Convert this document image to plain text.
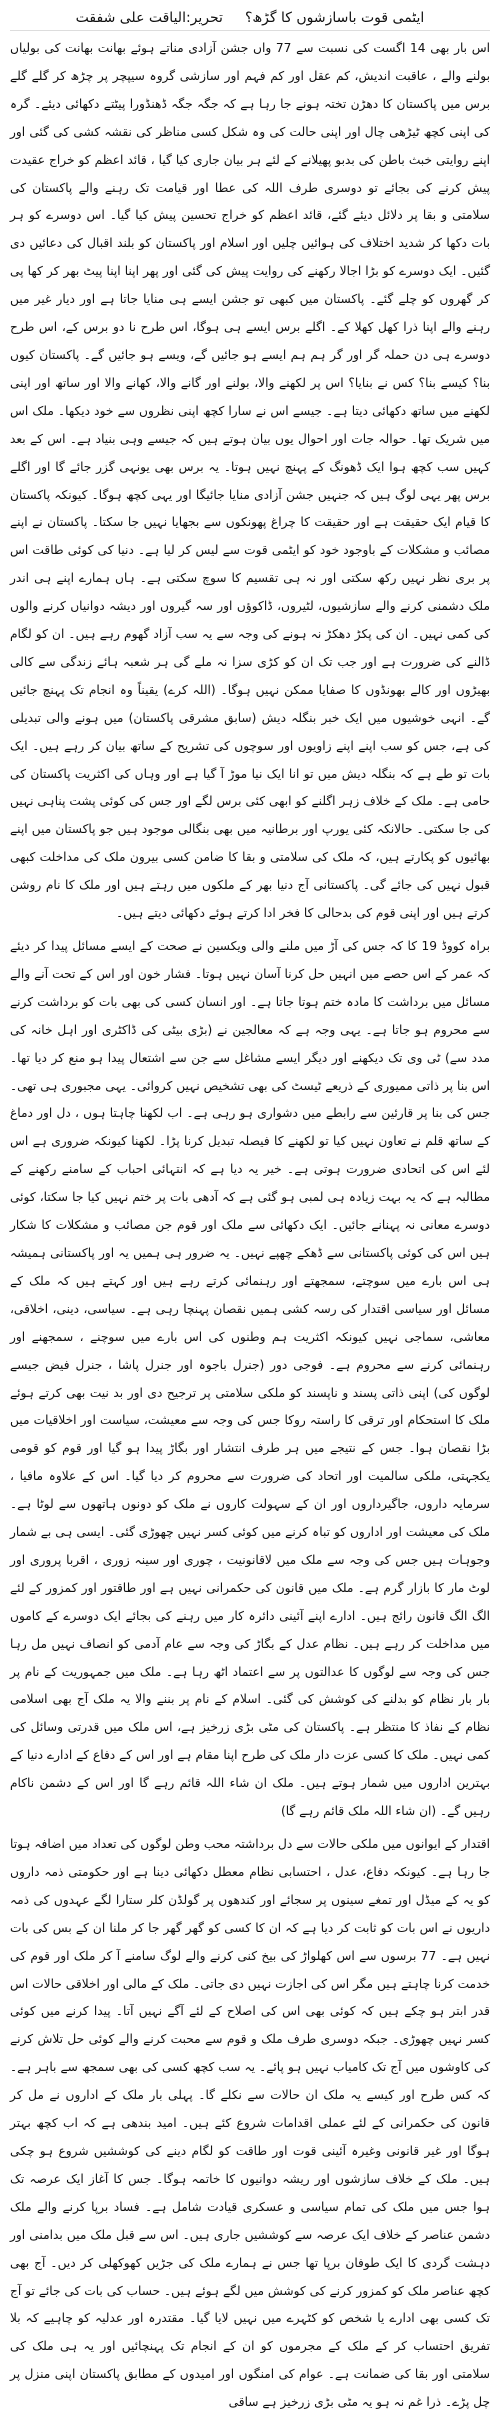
ایٹمی قوت باسازشوں کا گڑھ؟
تحریر:الیاقت علی شفقت

اس بار بھی 14 اگست کی نسبت سے 77 واں جشن آزادی مناتے ہوئے بھانت بھانت کی بولیاں بولنے والے ، عاقبت اندیش، کم عقل اور کم فہم اور سازشی گروہ سیپچر پر چڑھ کر گلے گلے برس میں پاکستان کا دھڑن تختہ ہونے جا رہا ہے کہ جگہ جگہ ڈھنڈورا پیٹتے دکھائی دیئے۔ گرہ کی اپنی کچھ ٹیڑھی چال اور اپنی حالت کی وہ شکل کسی مناظر کی نقشہ کشی کی گئی اور اپنے روایتی خبث باطن کی بدبو پھیلانے کے لئے ہر بیان جاری کیا گیا ، قائد اعظم کو خراج عقیدت پیش کرنے کی بجائے تو دوسری طرف اللہ کی عطا اور قیامت تک رہنے والے پاکستان کی سلامتی و بقا پر دلائل دیئے گئے، قائد اعظم کو خراج تحسین پیش کیا گیا۔ اس دوسرے کو ہر بات دکھا کر شدید اختلاف کی ہوائیں چلیں اور اسلام اور پاکستان کو بلند اقبال کی دعائیں دی گئیں۔ ایک دوسرے کو بڑا اجالا رکھنے کی روایت پیش کی گئی اور پھر اپنا اپنا پیٹ بھر کر کھا پی کر گھروں کو چلے گئے۔ پاکستان میں کبھی تو جشن ایسے ہی منایا جاتا ہے اور دیار غیر میں رہنے والے اپنا ذرا کھل کھلا کے۔ اگلے برس ایسے ہی ہوگا، اس طرح نا دو برس کے، اس طرح دوسرے ہی دن حملہ گر اور گر ہم ہم ایسے ہو جائیں گے، ویسے ہو جائیں گے۔ پاکستان کیوں بنا؟ کیسے بنا؟ کس نے بنایا؟ اس پر لکھنے والا، بولنے اور گانے والا، کھانے والا اور ساتھ اور اپنی لکھنے میں ساتھ دکھائی دیتا ہے۔ جیسے اس نے سارا کچھ اپنی نظروں سے خود دیکھا۔ ملک اس میں شریک تھا۔ حوالہ جات اور احوال یوں بیان ہوتے ہیں کہ جیسے وہی بنیاد ہے۔ اس کے بعد کہیں سب کچھ ہوا ایک ڈھونگ کے پہنچ نہیں ہوتا۔ یہ برس بھی یونہی گزر جائے گا اور اگلے برس پھر یہی لوگ ہیں کہ جنہیں جشن آزادی منایا جائیگا اور یہی کچھ ہوگا۔ کیونکہ پاکستان کا قیام ایک حقیقت ہے اور حقیقت کا چراغ پھونکوں سے بجھایا نہیں جا سکتا۔ پاکستان نے اپنے مصائب و مشکلات کے باوجود خود کو ایٹمی قوت سے لیس کر لیا ہے۔ دنیا کی کوئی طاقت اس پر بری نظر نہیں رکھ سکتی اور نہ ہی تقسیم کا سوچ سکتی ہے۔ ہاں ہمارے اپنے ہی اندر ملک دشمنی کرنے والے سازشیوں، لٹیروں، ڈاکوؤں اور سہ گیروں اور دیشہ دوانیاں کرنے والوں کی کمی نہیں۔ ان کی پکڑ دھکڑ نہ ہونے کی وجہ سے یہ سب آزاد گھوم رہے ہیں۔ ان کو لگام ڈالنے کی ضرورت ہے اور جب تک ان کو کڑی سزا نہ ملے گی ہر شعبہ ہائے زندگی سے کالی بھیڑوں اور کالے بھونڈوں کا صفایا ممکن نہیں ہوگا۔ (اللہ کرے) یقیناً وہ انجام تک پہنچ جائیں گے۔ انہی خوشیوں میں ایک خبر بنگلہ دیش (سابق مشرقی پاکستان) میں ہونے والی تبدیلی کی ہے، جس کو سب اپنے اپنے زاویوں اور سوچوں کی تشریح کے ساتھ بیان کر رہے ہیں۔ ایک بات تو طے ہے کہ بنگلہ دیش میں تو انا ایک نیا موڑ آ گیا ہے اور وہاں کی اکثریت پاکستان کی حامی ہے۔ ملک کے خلاف زہر اگلنے کو ابھی کئی برس لگے اور جس کی کوئی پشت پناہی نہیں کی جا سکتی۔ حالانکہ کئی یورپ اور برطانیہ میں بھی بنگالی موجود ہیں جو پاکستان میں اپنے بھائیوں کو پکارتے ہیں، کہ ملک کی سلامتی و بقا کا ضامن کسی بیرون ملک کی مداخلت کبھی قبول نہیں کی جائے گی۔ پاکستانی آج دنیا بھر کے ملکوں میں رہتے ہیں اور ملک کا نام روشن کرتے ہیں اور اپنی قوم کی بدحالی کا فخر ادا کرتے ہوئے دکھائی دیتے ہیں۔

براہ کووڈ 19 کا کہ جس کی آڑ میں ملنے والی ویکسین نے صحت کے ایسے مسائل پیدا کر دیئے کہ عمر کے اس حصے میں انہیں حل کرنا آسان نہیں ہوتا۔ فشار خون اور اس کے تحت آنے والے مسائل میں برداشت کا مادہ ختم ہوتا جاتا ہے۔ اور انسان کسی کی بھی بات کو برداشت کرنے سے محروم ہو جاتا ہے۔ یہی وجہ ہے کہ معالجین نے (بڑی بیٹی کی ڈاکٹری اور اہل خانہ کی مدد سے) ٹی وی تک دیکھنے اور دیگر ایسے مشاغل سے جن سے اشتعال پیدا ہو منع کر دیا تھا۔ اس بنا پر ذاتی ممیوری کے ذریعے ٹیسٹ کی بھی تشخیص نہیں کروائی۔ یہی مجبوری ہی تھی۔ جس کی بنا پر قارئین سے رابطے میں دشواری ہو رہی ہے۔ اب لکھنا چاہتا ہوں ، دل اور دماغ کے ساتھ قلم نے تعاون نہیں کیا تو لکھنے کا فیصلہ تبدیل کرنا پڑا۔ لکھنا کیونکہ ضروری ہے اس لئے اس کی اتحادی ضرورت ہوتی ہے۔ خیر یہ دیا ہے کہ انتہائی احباب کے سامنے رکھنے کے مطالبہ ہے کہ یہ بہت زیادہ ہی لمبی ہو گئی ہے کہ آدھی بات پر ختم نہیں کیا جا سکتا، کوئی دوسرے معانی نہ پہنانے جائیں۔ ایک دکھائی سے ملک اور قوم جن مصائب و مشکلات کا شکار ہیں اس کی کوئی پاکستانی سے ڈھکے چھپے نہیں۔ یہ ضرور ہی ہمیں یہ اور پاکستانی ہمیشہ ہی اس بارے میں سوچتے، سمجھتے اور رہنمائی کرتے رہے ہیں اور کہتے ہیں کہ ملک کے مسائل اور سیاسی اقتدار کی رسہ کشی ہمیں نقصان پہنچا رہی ہے۔ سیاسی، دینی، اخلاقی، معاشی، سماجی نہیں کیونکہ اکثریت ہم وطنوں کی اس بارے میں سوچنے ، سمجھنے اور رہنمائی کرنے سے محروم ہے۔ فوجی دور (جنرل باجوہ اور جنرل پاشا ، جنرل فیض جیسے لوگوں کی) اپنی ذاتی پسند و ناپسند کو ملکی سلامتی پر ترجیح دی اور بد نیت بھی کرتے ہوئے ملک کا استحکام اور ترقی کا راستہ روکا جس کی وجہ سے معیشت، سیاست اور اخلاقیات میں بڑا نقصان ہوا۔ جس کے نتیجے میں ہر طرف انتشار اور بگاڑ پیدا ہو گیا اور قوم کو قومی یکجہتی، ملکی سالمیت اور اتحاد کی ضرورت سے محروم کر دیا گیا۔ اس کے علاوہ مافیا ، سرمایہ داروں، جاگیرداروں اور ان کے سہولت کاروں نے ملک کو دونوں ہاتھوں سے لوٹا ہے۔ ملک کی معیشت اور اداروں کو تباہ کرنے میں کوئی کسر نہیں چھوڑی گئی۔ ایسی ہی بے شمار وجوہات ہیں جس کی وجہ سے ملک میں لاقانونیت ، چوری اور سینہ زوری ، اقربا پروری اور لوٹ مار کا بازار گرم ہے۔ ملک میں قانون کی حکمرانی نہیں ہے اور طاقتور اور کمزور کے لئے الگ الگ قانون رائج ہیں۔ ادارے اپنے آئینی دائرہ کار میں رہنے کی بجائے ایک دوسرے کے کاموں میں مداخلت کر رہے ہیں۔ نظام عدل کے بگاڑ کی وجہ سے عام آدمی کو انصاف نہیں مل رہا جس کی وجہ سے لوگوں کا عدالتوں پر سے اعتماد اٹھ رہا ہے۔ ملک میں جمہوریت کے نام پر بار بار نظام کو بدلنے کی کوشش کی گئی۔ اسلام کے نام پر بننے والا یہ ملک آج بھی اسلامی نظام کے نفاذ کا منتظر ہے۔ پاکستان کی مٹی بڑی زرخیز ہے، اس ملک میں قدرتی وسائل کی کمی نہیں۔ ملک کا کسی عزت دار ملک کی طرح اپنا مقام ہے اور اس کے دفاع کے ادارے دنیا کے بہترین اداروں میں شمار ہوتے ہیں۔ ملک ان شاء اللہ قائم رہے گا اور اس کے دشمن ناکام رہیں گے۔ (ان شاء اللہ ملک قائم رہے گا)

اقتدار کے ایوانوں میں ملکی حالات سے دل برداشتہ محب وطن لوگوں کی تعداد میں اضافہ ہوتا جا رہا ہے۔ کیونکہ دفاع، عدل ، احتسابی نظام معطل دکھائی دینا ہے اور حکومتی ذمہ داروں کو یہ کے میڈل اور تمغے سینوں پر سجائے اور کندھوں پر گولڈن کلر ستارا لگے عہدوں کی ذمہ داریوں نے اس بات کو ثابت کر دیا ہے کہ ان کا کسی کو گھر گھر جا کر ملنا ان کے بس کی بات نہیں ہے۔ 77 برسوں سے اس کھلواڑ کی بیخ کنی کرنے والے لوگ سامنے آ کر ملک اور قوم کی خدمت کرنا چاہتے ہیں مگر اس کی اجازت نہیں دی جاتی۔ ملک کے مالی اور اخلاقی حالات اس قدر ابتر ہو چکے ہیں کہ کوئی بھی اس کی اصلاح کے لئے آگے نہیں آتا۔ پیدا کرنے میں کوئی کسر نہیں چھوڑی۔ جبکہ دوسری طرف ملک و قوم سے محبت کرنے والے کوئی حل تلاش کرنے کی کاوشوں میں آج تک کامیاب نہیں ہو پائے۔ یہ سب کچھ کسی کی بھی سمجھ سے باہر ہے۔ کہ کس طرح اور کیسے یہ ملک ان حالات سے نکلے گا۔ پہلی بار ملک کے اداروں نے مل کر قانون کی حکمرانی کے لئے عملی اقدامات شروع کئے ہیں۔ امید بندھی ہے کہ اب کچھ بہتر ہوگا اور غیر قانونی وغیرہ آئینی قوت اور طاقت کو لگام دینے کی کوششیں شروع ہو چکی ہیں۔ ملک کے خلاف سازشوں اور ریشہ دوانیوں کا خاتمہ ہوگا۔ جس کا آغاز ایک عرصہ تک ہوا جس میں ملک کی تمام سیاسی و عسکری قیادت شامل ہے۔ فساد برپا کرنے والے ملک دشمن عناصر کے خلاف ایک عرصہ سے کوششیں جاری ہیں۔ اس سے قبل ملک میں بدامنی اور دہشت گردی کا ایک طوفان برپا تھا جس نے ہمارے ملک کی جڑیں کھوکھلی کر دیں۔ آج بھی کچھ عناصر ملک کو کمزور کرنے کی کوشش میں لگے ہوئے ہیں۔ حساب کی بات کی جائے تو آج تک کسی بھی ادارے یا شخص کو کٹہرے میں نہیں لایا گیا۔ مقتدرہ اور عدلیہ کو چاہیے کہ بلا تفریق احتساب کر کے ملک کے مجرموں کو ان کے انجام تک پہنچائیں اور یہ ہی ملک کی سلامتی اور بقا کی ضمانت ہے۔ عوام کی امنگوں اور امیدوں کے مطابق پاکستان اپنی منزل پر چل پڑے۔ ذرا غم نہ ہو یہ مٹی بڑی زرخیز ہے ساقی
